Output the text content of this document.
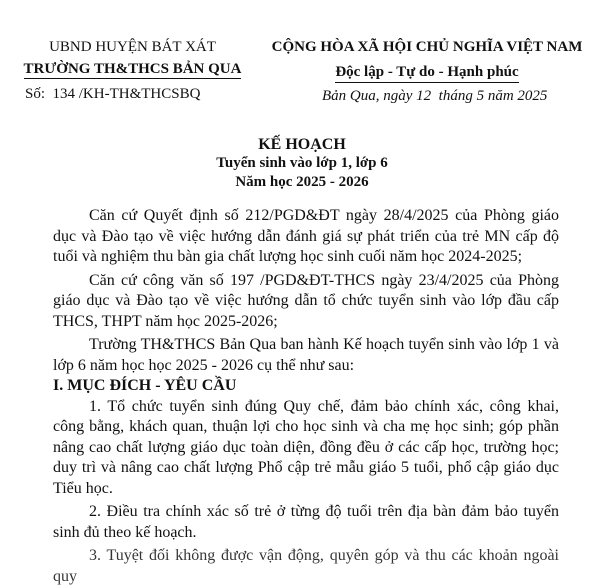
UBND HUYỆN BÁT XÁT
TRƯỜNG TH&THCS BẢN QUA
Số:  134 /KH-TH&THCSBQ
CỘNG HÒA XÃ HỘI CHỦ NGHĨA VIỆT NAM
Độc lập - Tự do - Hạnh phúc
Bản Qua, ngày 12  tháng 5 năm 2025
KẾ HOẠCH
Tuyển sinh vào lớp 1, lớp 6
Năm học 2025 - 2026

Căn cứ Quyết định số 212/PGD&ĐT ngày 28/4/2025 của Phòng giáo dục và Đào tạo về việc hướng dẫn đánh giá sự phát triển của trẻ MN cấp độ tuổi và nghiệm thu bàn gia chất lượng học sinh cuối năm học 2024-2025;

Căn cứ công văn số 197 /PGD&ĐT-THCS ngày 23/4/2025 của Phòng giáo dục và Đào tạo về việc hướng dẫn tổ chức tuyển sinh vào lớp đầu cấp THCS, THPT năm học 2025-2026;

Trường TH&THCS Bản Qua ban hành Kế hoạch tuyển sinh vào lớp 1 và lớp 6 năm học học 2025 - 2026 cụ thể như sau:

I. MỤC ĐÍCH - YÊU CẦU

1. Tổ chức tuyển sinh đúng Quy chế, đảm bảo chính xác, công khai, công bằng, khách quan, thuận lợi cho học sinh và cha mẹ học sinh; góp phần nâng cao chất lượng giáo dục toàn diện, đồng đều ở các cấp học, trường học; duy trì và nâng cao chất lượng Phổ cập trẻ mẫu giáo 5 tuổi, phổ cập giáo dục Tiểu học.

2. Điều tra chính xác số trẻ ở từng độ tuổi trên địa bàn đảm bảo tuyển sinh đủ theo kế hoạch.

3. Tuyệt đối không được vận động, quyên góp và thu các khoản ngoài quy
